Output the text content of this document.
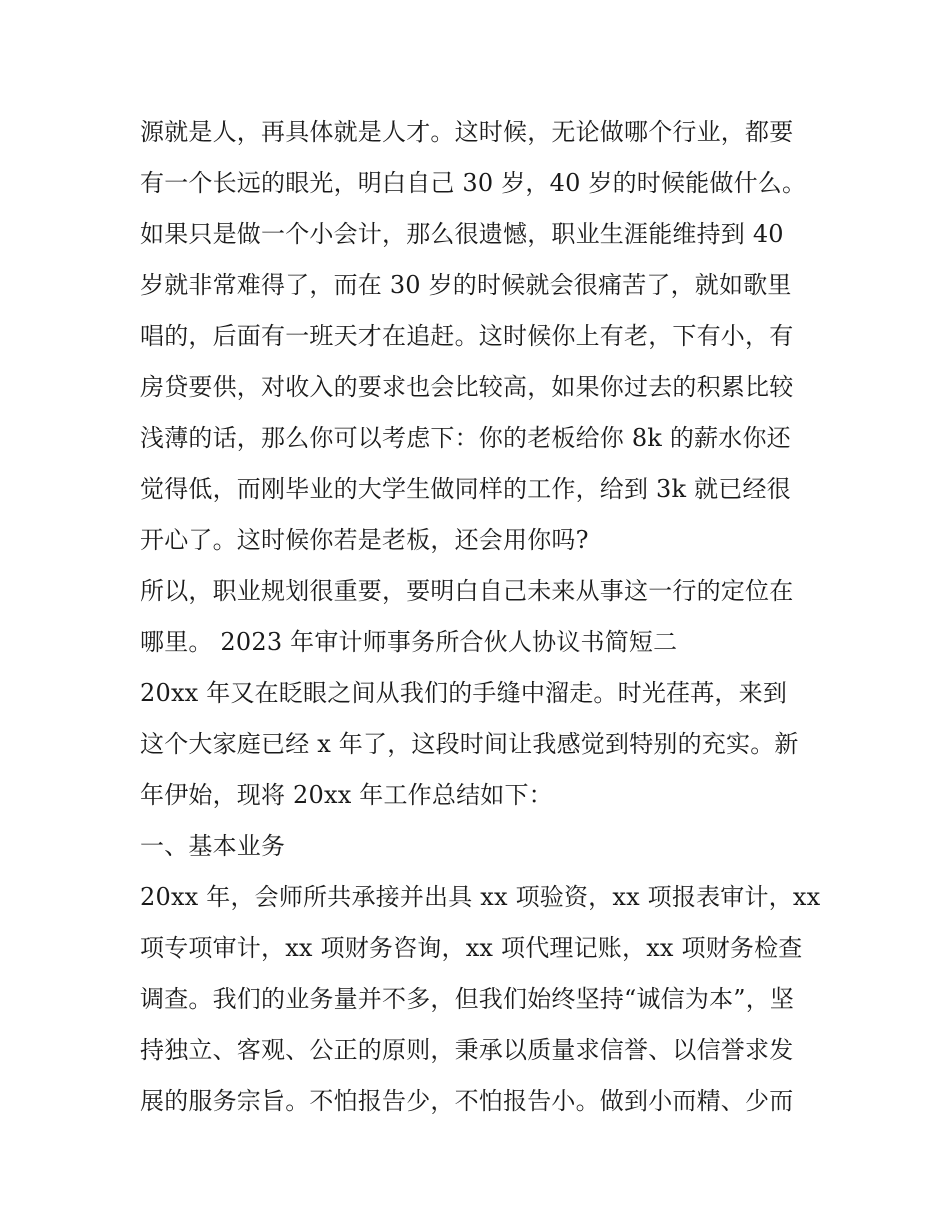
源就是人，再具体就是人才。这时候，无论做哪个行业，都要
有一个长远的眼光，明白自己 30 岁，40 岁的时候能做什么。
如果只是做一个小会计，那么很遗憾，职业生涯能维持到 40
岁就非常难得了，而在 30 岁的时候就会很痛苦了，就如歌里
唱的，后面有一班天才在追赶。这时候你上有老，下有小，有
房贷要供，对收入的要求也会比较高，如果你过去的积累比较
浅薄的话，那么你可以考虑下：你的老板给你 8k 的薪水你还
觉得低，而刚毕业的大学生做同样的工作，给到 3k 就已经很
开心了。这时候你若是老板，还会用你吗?
所以，职业规划很重要，要明白自己未来从事这一行的定位在
哪里。 2023 年审计师事务所合伙人协议书简短二
20xx 年又在眨眼之间从我们的手缝中溜走。时光荏苒，来到
这个大家庭已经 x 年了，这段时间让我感觉到特别的充实。新
年伊始，现将 20xx 年工作总结如下：
一、基本业务
20xx 年，会师所共承接并出具 xx 项验资，xx 项报表审计，xx
项专项审计，xx 项财务咨询，xx 项代理记账，xx 项财务检查
调查。我们的业务量并不多，但我们始终坚持“诚信为本”，坚
持独立、客观、公正的原则，秉承以质量求信誉、以信誉求发
展的服务宗旨。不怕报告少，不怕报告小。做到小而精、少而
